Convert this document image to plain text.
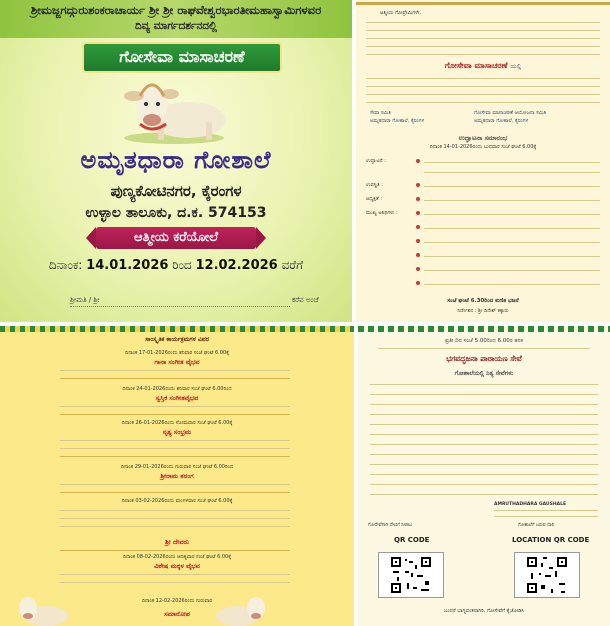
ಶ್ರೀಮಜ್ಜಗದ್ಗುರುಶಂಕರಾಚಾರ್ಯ ಶ್ರೀ ಶ್ರೀ ರಾಘವೇಶ್ವರಭಾರತೀಮಹಾಸ್ವಾಮಿಗಳವರ
ದಿವ್ಯ ಮಾರ್ಗದರ್ಶನದಲ್ಲಿ
ಗೋಸೇವಾ ಮಾಸಾಚರಣೆ
ಅಮೃತಧಾರಾ ಗೋಶಾಲೆ
ಪುಣ್ಯಕೋಟಿನಗರ, ಕೈರಂಗಳ
ಉಳ್ಳಾಲ ತಾಲೂಕು, ದ.ಕ. 574153
ಆತ್ಮೀಯ ಕರೆಯೋಲೆ
ದಿನಾಂಕ: 14.01.2026 ರಿಂದ 12.02.2026 ವರೆಗೆ
ಶ್ರೀಮತಿ / ಶ್ರೀ	ಕರೆವ ಅಂಚೆ
ಆತ್ಮೀಯ ಗೋಪ್ರೇಮಿಗಳೇ,
ಗೋಸೇವಾ ಮಾಸಾಚರಣೆ ಯಲ್ಲಿ
ಸೇವಾ ಸಮಿತಿ
ಅಮೃತಧಾರಾ ಗೋಶಾಲೆ, ಕೈರಂಗಳ
ಗೋಸೇವಾ ಮಾಸಾಚರಣೆ ಆಯೋಜನಾ ಸಮಿತಿ
ಅಮೃತಧಾರಾ ಗೋಶಾಲೆ, ಕೈರಂಗಳ
ಉದ್ಘಾಟನಾ ಸಮಾರಂಭ
ದಿನಾಂಕ 14-01-2026ರಂದು ಬುಧವಾರ ಸಂಜೆ ಘಂಟೆ 6.00ಕ್ಕೆ
ಉದ್ಘಾಟನೆ :
ಉಪಸ್ಥಿತಿ :
ಅಧ್ಯಕ್ಷತೆ :
ಮುಖ್ಯ ಅತಿಥಿಗಳು :
ಸಂಜೆ ಘಂಟೆ 6.30ರಿಂದ ಕುಣಿತ ಭಜನೆ
ನಿರ್ದೇಶನ : ಶ್ರೀ ದಿನೇಶ್ ಕಕ್ಕಾರು
ಸಾಂಸ್ಕೃತಿಕ ಕಾರ್ಯಕ್ರಮಗಳ ವಿವರ
ದಿನಾಂಕ 17-01-2026ರಂದು ಶನಿವಾರ ಸಂಜೆ ಘಂಟೆ 6.00ಕ್ಕೆ
ಗಾನಾ ಸಂಗೀತ ವೈಭವ
ದಿನಾಂಕ 24-01-2026ರಂದು ಶನಿವಾರ ಸಂಜೆ ಘಂಟೆ 6.00ರಿಂದ
ಸ್ವಸ್ತಿಕ ಸಂಗೀತವೈಭವ
ದಿನಾಂಕ 26-01-2026ರಂದು ಸೋಮವಾರ ಸಂಜೆ ಘಂಟೆ 6.00ಕ್ಕೆ
ನೃತ್ಯ ಸಂಭ್ರಮ
ದಿನಾಂಕ 29-01-2026ರಂದು ಗುರುವಾರ ಸಂಜೆ ಘಂಟೆ 6.00ರಿಂದ
ಶ್ರೀರಾಮ ತರಂಗ
ದಿನಾಂಕ 03-02-2026ರಂದು ಮಂಗಳವಾರ ಸಂಜೆ ಘಂಟೆ 6.00ಕ್ಕೆ
ಶ್ರೀ ದೇವರು
ದಿನಾಂಕ 08-02-2026ರಂದು ಆದಿತ್ಯವಾರ ಸಂಜೆ ಘಂಟೆ 6.00ಕ್ಕೆ
ವಿಶೇಷ ಮಕ್ಕಳ ವೈಭವ
ದಿನಾಂಕ 12-02-2026ರಂದು ಗುರುವಾರ
ಸಮಾರೋಪ
ಪ್ರತೀ ದಿನ ಸಂಜೆ 5.00ರಿಂದ 6.00ರ ತನಕ
ಭಗವದ್ಭಜನಾ ಪಾರಾಯಣ ಸೇವೆ
ಗೋಶಾಲೆಯಲ್ಲಿ ನಿತ್ಯ ಸೇವೆಗಳು
AMRUTHADHARA GAUSHALE
ಗೋಸೇವೆಗಾಗಿ ದೇಣಿಗೆ ನೀಡಲು	ಗೋಶಾಲೆಗೆ ಬರುವ ದಾರಿ
QR CODE	LOCATION QR CODE
ಬಂದರೆ ಭಾಗ್ಯವಂತರಾಗಿರಿ, ಗೋಸೇವೆಗೆ ಕೈಜೋಡಿಸಿ
